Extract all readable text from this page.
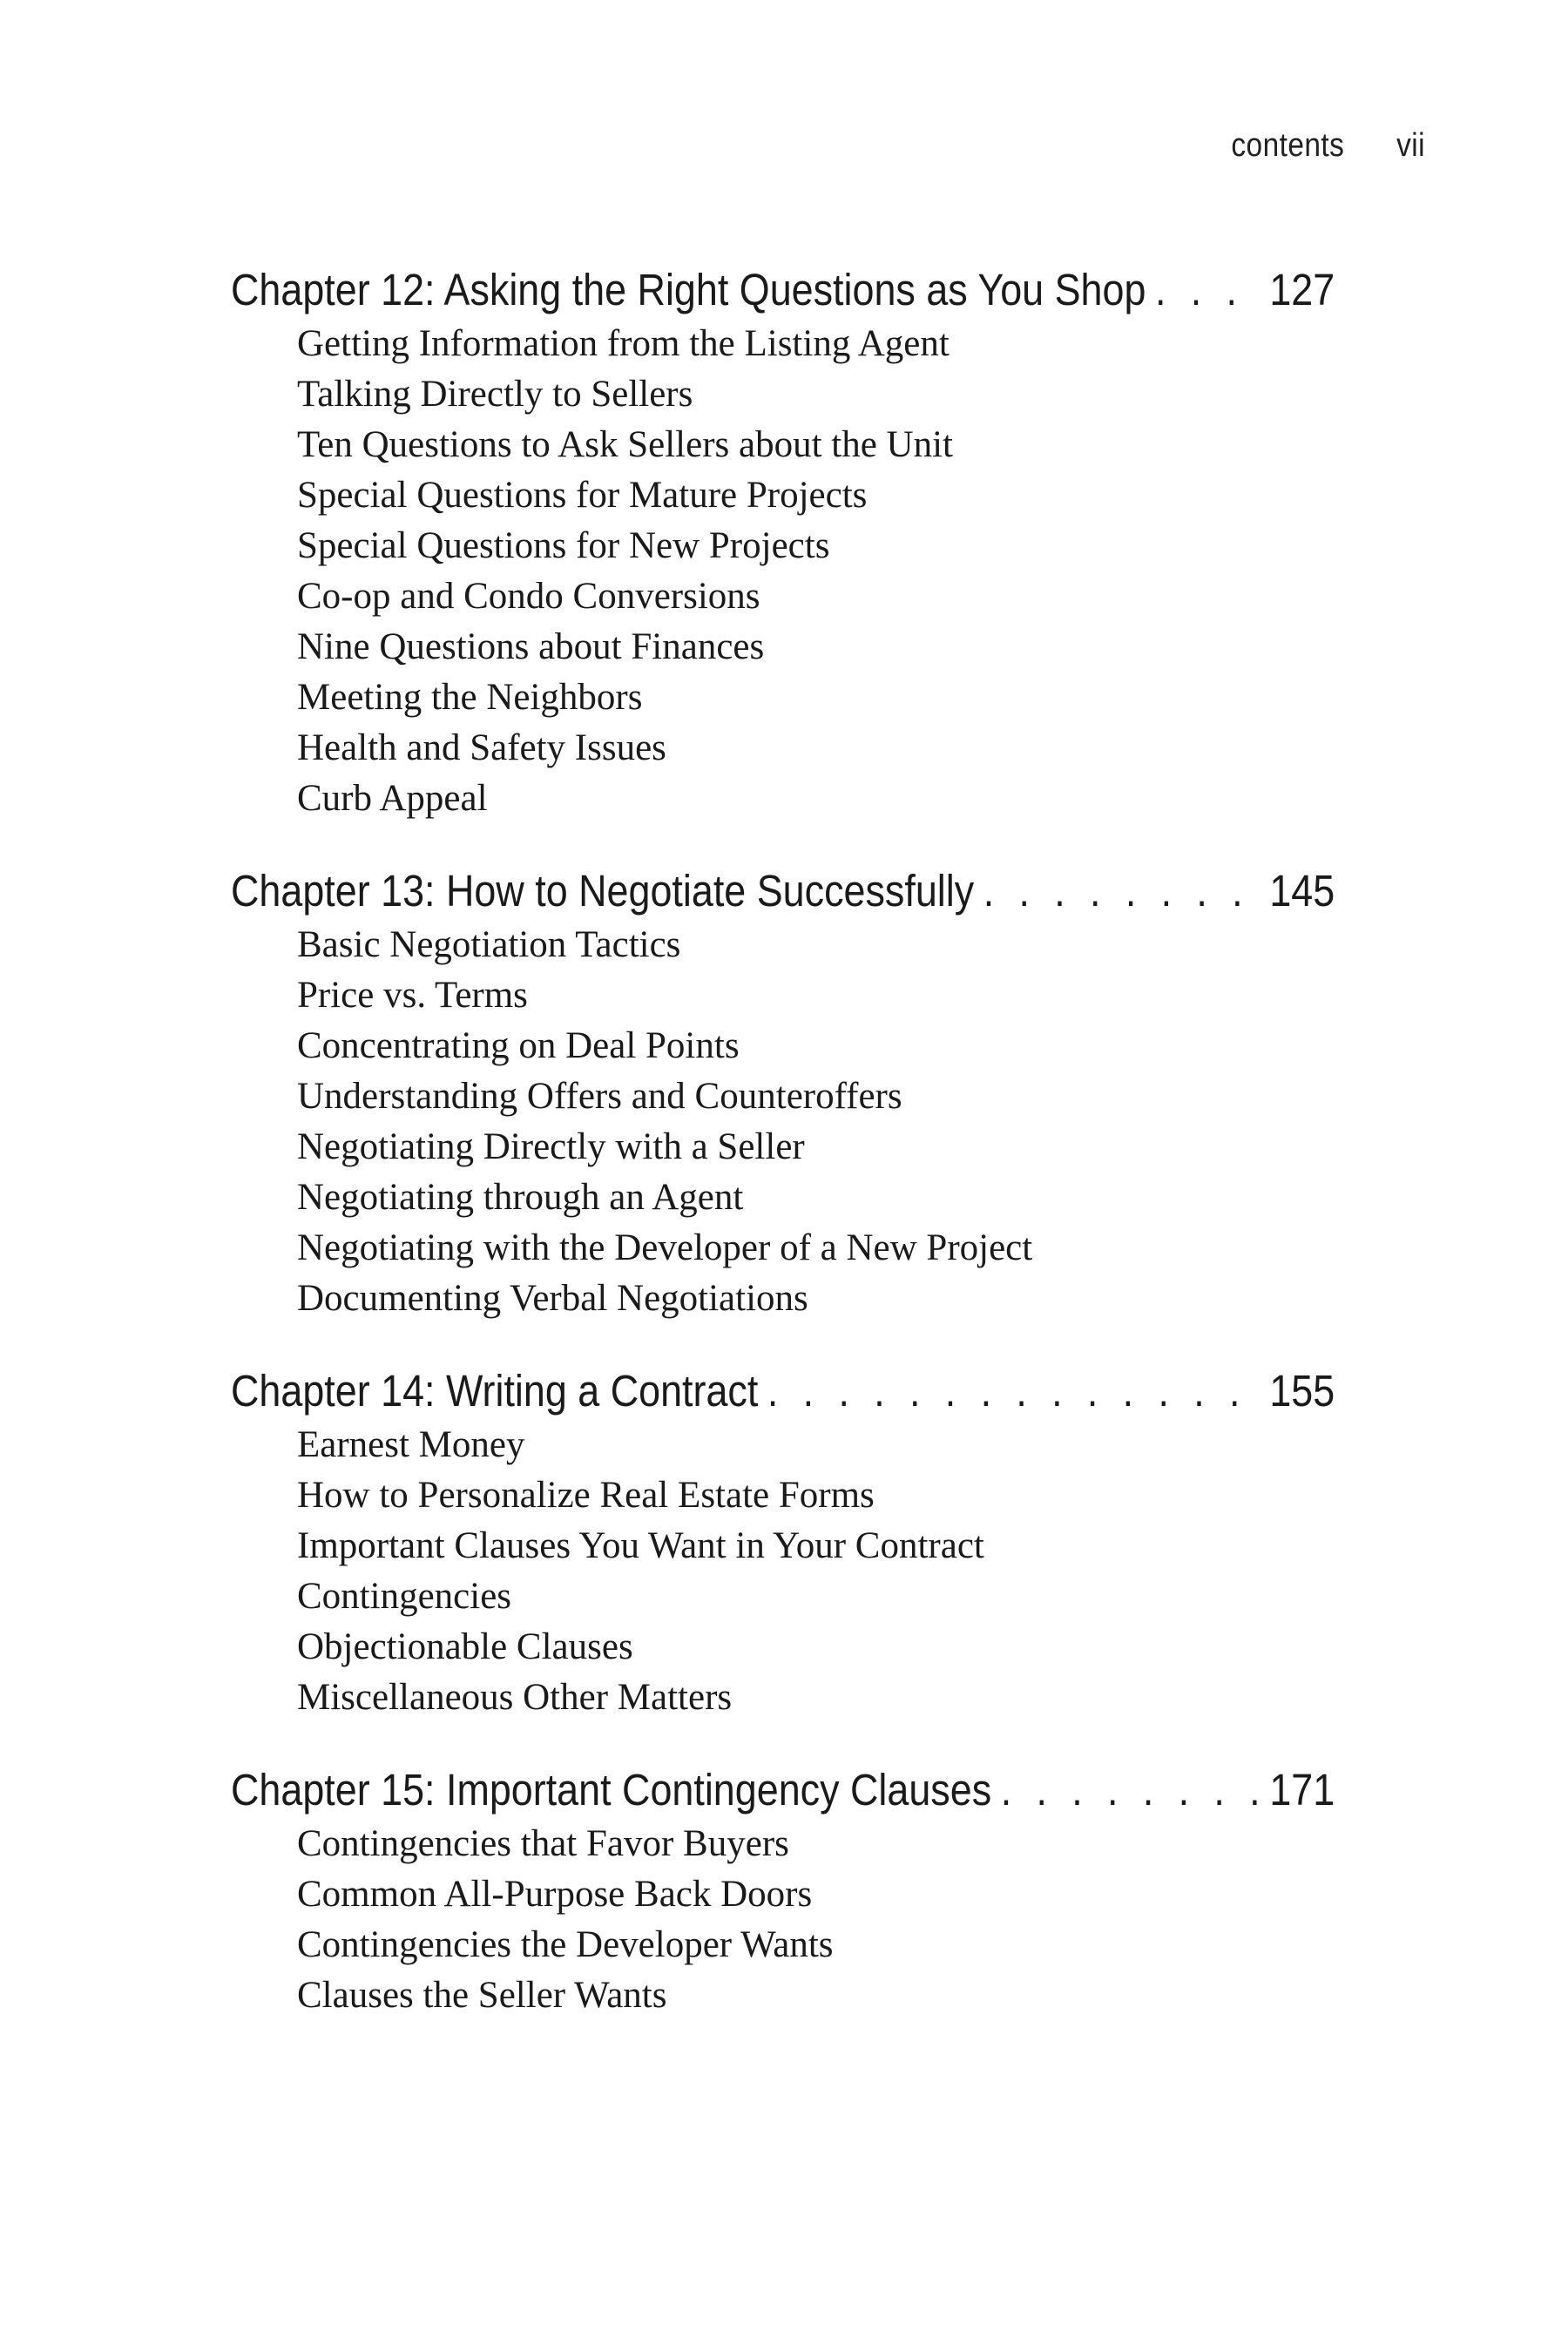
contents vii
Chapter 12: Asking the Right Questions as You Shop . . .	127
Getting Information from the Listing Agent
Talking Directly to Sellers
Ten Questions to Ask Sellers about the Unit
Special Questions for Mature Projects
Special Questions for New Projects
Co-op and Condo Conversions
Nine Questions about Finances
Meeting the Neighbors
Health and Safety Issues
Curb Appeal
Chapter 13: How to Negotiate Successfully . . .	145
Basic Negotiation Tactics
Price vs. Terms
Concentrating on Deal Points
Understanding Offers and Counteroffers
Negotiating Directly with a Seller
Negotiating through an Agent
Negotiating with the Developer of a New Project
Documenting Verbal Negotiations
Chapter 14: Writing a Contract . . .	155
Earnest Money
How to Personalize Real Estate Forms
Important Clauses You Want in Your Contract
Contingencies
Objectionable Clauses
Miscellaneous Other Matters
Chapter 15: Important Contingency Clauses . . .	171
Contingencies that Favor Buyers
Common All-Purpose Back Doors
Contingencies the Developer Wants
Clauses the Seller Wants
